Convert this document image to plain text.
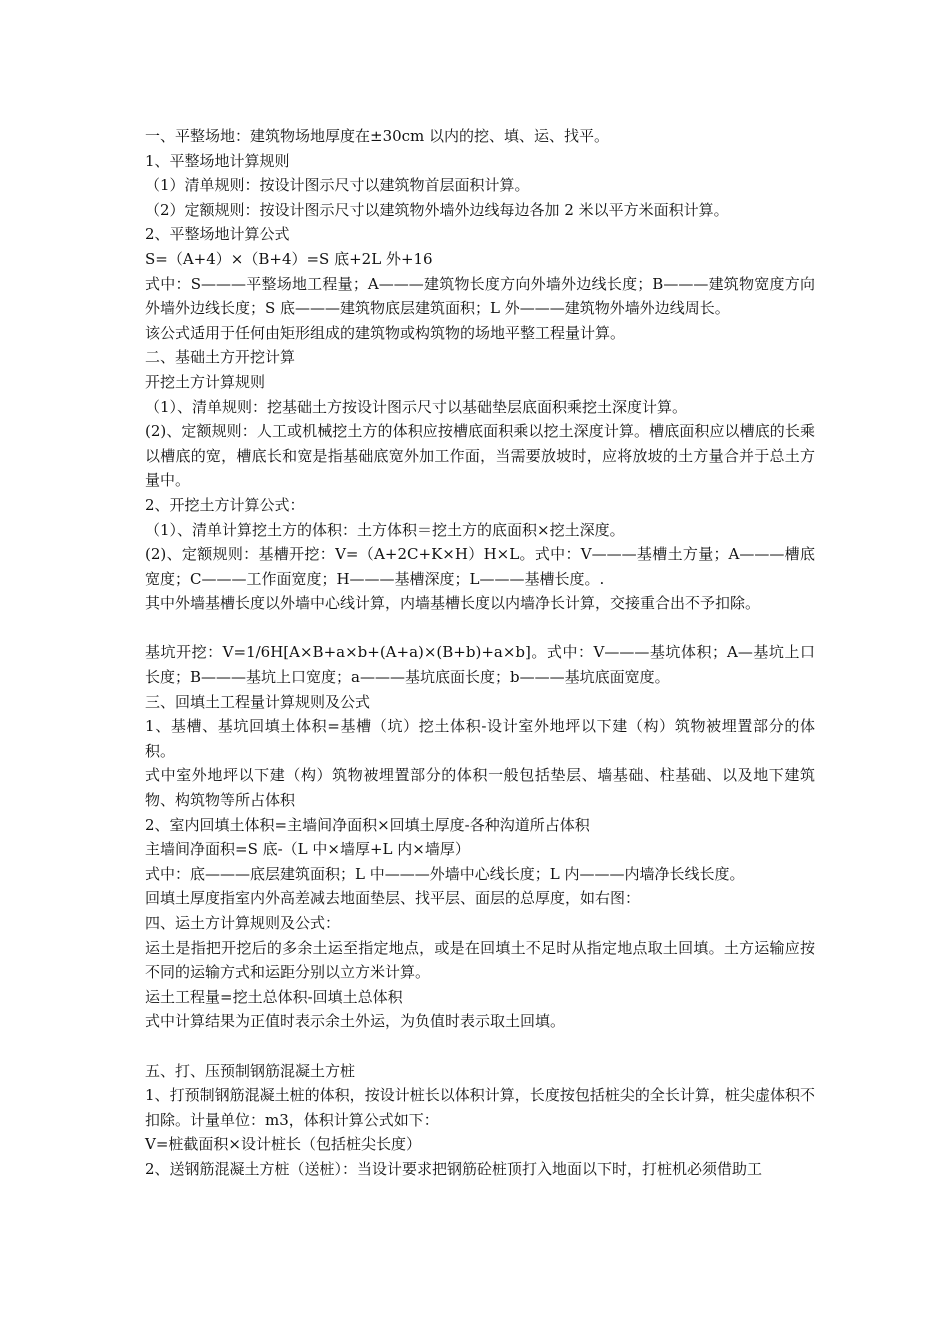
一、平整场地：建筑物场地厚度在±30cm 以内的挖、填、运、找平。

1、平整场地计算规则

（1）清单规则：按设计图示尺寸以建筑物首层面积计算。

（2）定额规则：按设计图示尺寸以建筑物外墙外边线每边各加 2 米以平方米面积计算。

2、平整场地计算公式

S=（A+4）×（B+4）=S 底+2L 外+16

式中：S———平整场地工程量；A———建筑物长度方向外墙外边线长度；B———建筑物宽度方向外墙外边线长度；S 底———建筑物底层建筑面积；L 外———建筑物外墙外边线周长。

该公式适用于任何由矩形组成的建筑物或构筑物的场地平整工程量计算。

二、基础土方开挖计算

开挖土方计算规则

（1）、清单规则：挖基础土方按设计图示尺寸以基础垫层底面积乘挖土深度计算。

(2)、定额规则：人工或机械挖土方的体积应按槽底面积乘以挖土深度计算。槽底面积应以槽底的长乘以槽底的宽，槽底长和宽是指基础底宽外加工作面，当需要放坡时，应将放坡的土方量合并于总土方量中。

2、开挖土方计算公式：

（1）、清单计算挖土方的体积：土方体积＝挖土方的底面积×挖土深度。

(2)、定额规则：基槽开挖：V=（A+2C+K×H）H×L。式中：V———基槽土方量；A———槽底宽度；C———工作面宽度；H———基槽深度；L———基槽长度。.

其中外墙基槽长度以外墙中心线计算，内墙基槽长度以内墙净长计算，交接重合出不予扣除。

基坑开挖：V=1/6H[A×B+a×b+(A+a)×(B+b)+a×b]。式中：V———基坑体积；A—基坑上口长度；B———基坑上口宽度；a———基坑底面长度；b———基坑底面宽度。

三、回填土工程量计算规则及公式

1、基槽、基坑回填土体积=基槽（坑）挖土体积-设计室外地坪以下建（构）筑物被埋置部分的体积。

式中室外地坪以下建（构）筑物被埋置部分的体积一般包括垫层、墙基础、柱基础、以及地下建筑物、构筑物等所占体积

2、室内回填土体积=主墙间净面积×回填土厚度-各种沟道所占体积

主墙间净面积=S 底-（L 中×墙厚+L 内×墙厚）

式中：底———底层建筑面积；L 中———外墙中心线长度；L 内———内墙净长线长度。

回填土厚度指室内外高差减去地面垫层、找平层、面层的总厚度，如右图：

四、运土方计算规则及公式：

运土是指把开挖后的多余土运至指定地点，或是在回填土不足时从指定地点取土回填。土方运输应按不同的运输方式和运距分别以立方米计算。

运土工程量=挖土总体积-回填土总体积

式中计算结果为正值时表示余土外运，为负值时表示取土回填。

五、打、压预制钢筋混凝土方桩

1、打预制钢筋混凝土桩的体积，按设计桩长以体积计算，长度按包括桩尖的全长计算，桩尖虚体积不扣除。计量单位：m3，体积计算公式如下：

V=桩截面积×设计桩长（包括桩尖长度）

2、送钢筋混凝土方桩（送桩）：当设计要求把钢筋砼桩顶打入地面以下时，打桩机必须借助工
